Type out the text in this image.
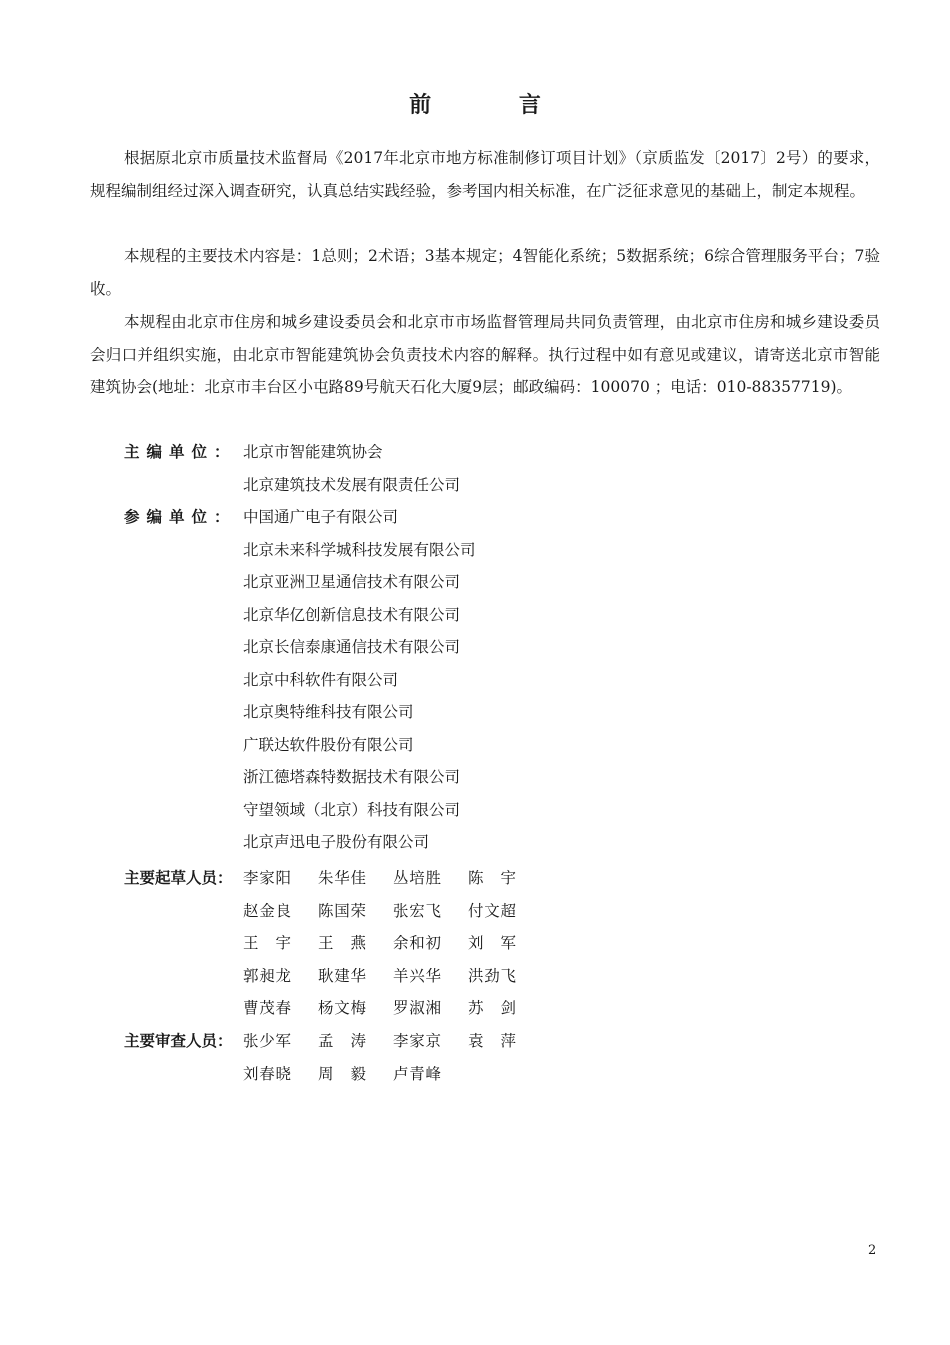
前 言
根据原北京市质量技术监督局《2017年北京市地方标准制修订项目计划》（京质监发〔2017〕2号）的要求，规程编制组经过深入调查研究，认真总结实践经验，参考国内相关标准，在广泛征求意见的基础上，制定本规程。
本规程的主要技术内容是：1总则；2术语；3基本规定；4智能化系统；5数据系统；6综合管理服务平台；7验收。
本规程由北京市住房和城乡建设委员会和北京市市场监督管理局共同负责管理，由北京市住房和城乡建设委员会归口并组织实施，由北京市智能建筑协会负责技术内容的解释。执行过程中如有意见或建议，请寄送北京市智能建筑协会(地址：北京市丰台区小屯路89号航天石化大厦9层；邮政编码：100070 ；电话：010-88357719)。
主编单位： 北京市智能建筑协会
北京建筑技术发展有限责任公司
参编单位： 中国通广电子有限公司
北京未来科学城科技发展有限公司
北京亚洲卫星通信技术有限公司
北京华亿创新信息技术有限公司
北京长信泰康通信技术有限公司
北京中科软件有限公司
北京奥特维科技有限公司
广联达软件股份有限公司
浙江德塔森特数据技术有限公司
守望领域（北京）科技有限公司
北京声迅电子股份有限公司
主要起草人员： 李家阳 朱华佳 丛培胜 陈宇
赵金良 陈国荣 张宏飞 付文超
王宇 王燕 余和初 刘军
郭昶龙 耿建华 羊兴华 洪劲飞
曹茂春 杨文梅 罗淑湘 苏剑
主要审查人员： 张少军 孟涛 李家京 袁萍
刘春晓 周毅 卢青峰
2
